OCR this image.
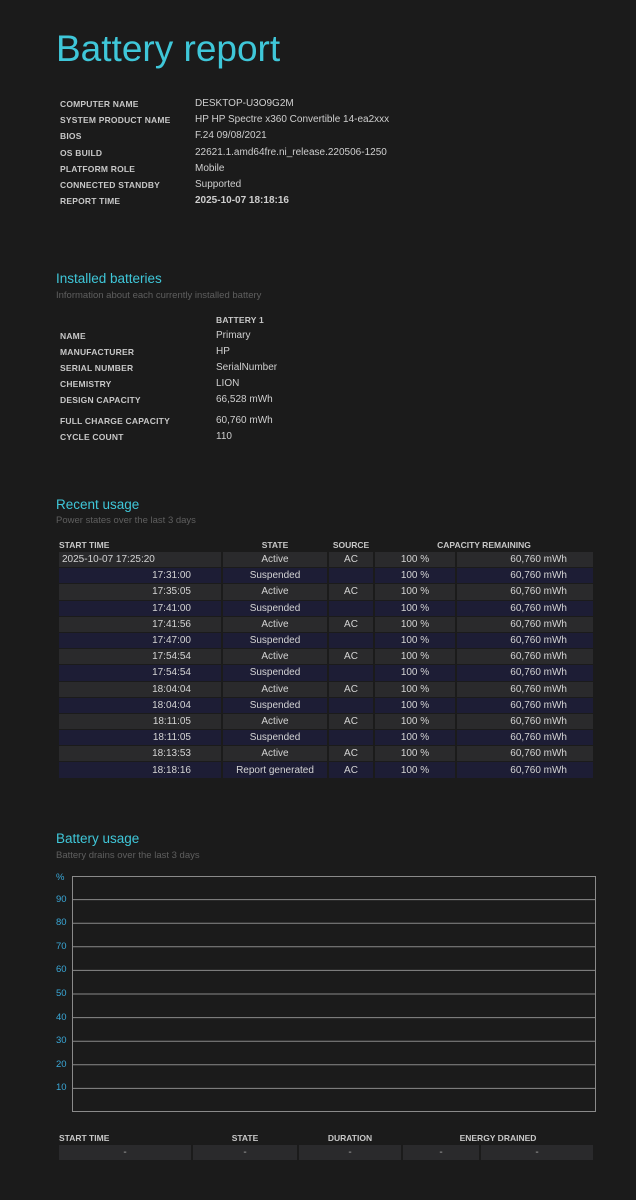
Battery report
COMPUTER NAME	DESKTOP-U3O9G2M
SYSTEM PRODUCT NAME HP HP Spectre x360 Convertible 14-ea2xxx
BIOS	F.24 09/08/2021
OS BUILD	22621.1.amd64fre.ni_release.220506-1250
PLATFORM ROLE	Mobile
CONNECTED STANDBY	Supported
REPORT TIME	2025-10-07 18:18:16
Installed batteries
Information about each currently installed battery
BATTERY 1
NAME	Primary
MANUFACTURER	HP
SERIAL NUMBER	SerialNumber
CHEMISTRY	LION
DESIGN CAPACITY	66,528 mWh
FULL CHARGE CAPACITY	60,760 mWh
CYCLE COUNT	110
Recent usage
Power states over the last 3 days
START TIME	STATE	SOURCE	CAPACITY REMAINING	
2025-10-07 17:25:20	Active	AC	100 %	60,760 mWh
17:31:00	Suspended		100 %	60,760 mWh
17:35:05	Active	AC	100 %	60,760 mWh
17:41:00	Suspended		100 %	60,760 mWh
17:41:56	Active	AC	100 %	60,760 mWh
17:47:00	Suspended		100 %	60,760 mWh
17:54:54	Active	AC	100 %	60,760 mWh
17:54:54	Suspended		100 %	60,760 mWh
18:04:04	Active	AC	100 %	60,760 mWh
18:04:04	Suspended		100 %	60,760 mWh
18:11:05	Active	AC	100 %	60,760 mWh
18:11:05	Suspended		100 %	60,760 mWh
18:13:53	Active	AC	100 %	60,760 mWh
18:18:16	Report generated	AC	100 %	60,760 mWh
Battery usage
Battery drains over the last 3 days
%
90
80
70
60
50
40
30
20
10
START TIME	STATE	DURATION	ENERGY DRAINED	
-	-	-	-	-
